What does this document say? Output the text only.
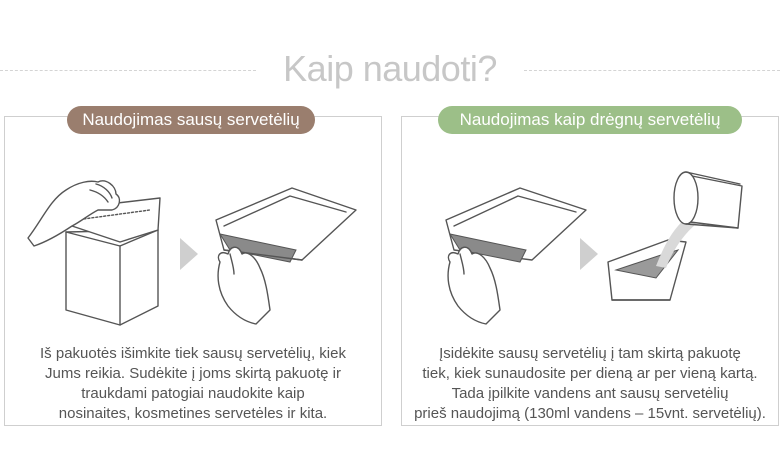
Kaip naudoti?
Naudojimas sausų servetėlių	Naudojimas kaip drėgnų servetėlių
Iš pakuotės išimkite tiek sausų servetėlių, kiek
Jums reikia. Sudėkite į joms skirtą pakuotę ir
traukdami patogiai naudokite kaip
nosinaites, kosmetines servetėles ir kita.
Įsidėkite sausų servetėlių į tam skirtą pakuotę
tiek, kiek sunaudosite per dieną ar per vieną kartą.
Tada įpilkite vandens ant sausų servetėlių
prieš naudojimą (130ml vandens – 15vnt. servetėlių).
